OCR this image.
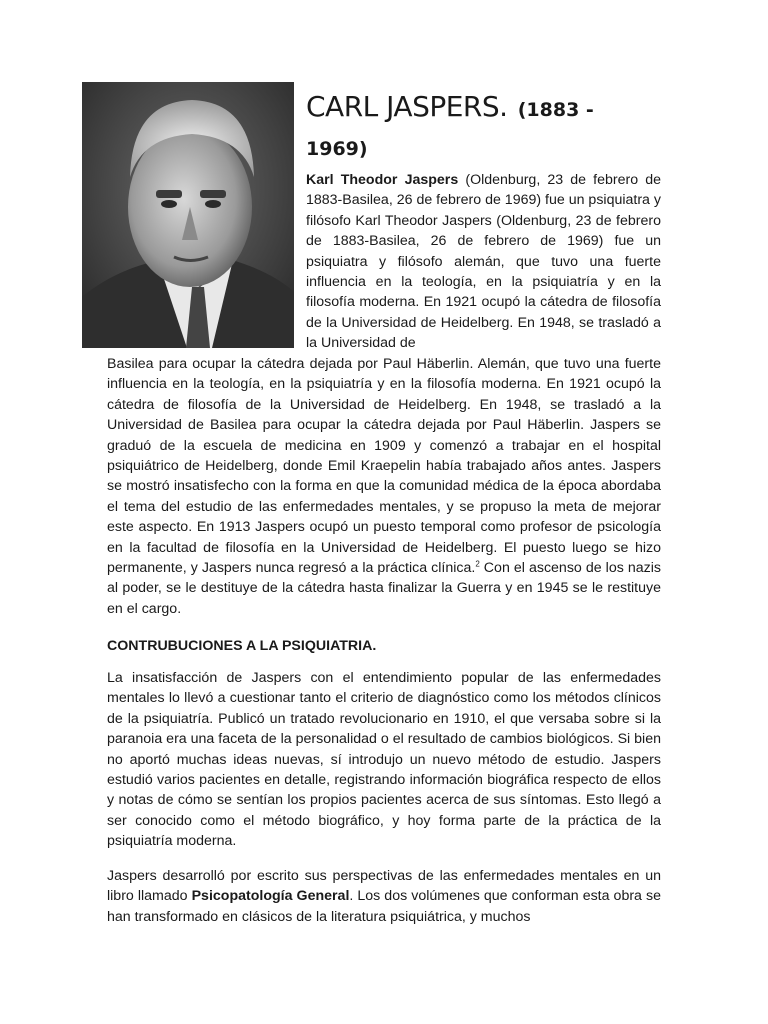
CARL JASPERS. (1883 - 1969)

Karl Theodor Jaspers (Oldenburg, 23 de febrero de 1883-Basilea, 26 de febrero de 1969) fue un psiquiatra y filósofo Karl Theodor Jaspers (Oldenburg, 23 de febrero de 1883-Basilea, 26 de febrero de 1969) fue un psiquiatra y filósofo alemán, que tuvo una fuerte influencia en la teología, en la psiquiatría y en la filosofía moderna. En 1921 ocupó la cátedra de filosofía de la Universidad de Heidelberg. En 1948, se trasladó a la Universidad de

Basilea para ocupar la cátedra dejada por Paul Häberlin. Alemán, que tuvo una fuerte influencia en la teología, en la psiquiatría y en la filosofía moderna. En 1921 ocupó la cátedra de filosofía de la Universidad de Heidelberg. En 1948, se trasladó a la Universidad de Basilea para ocupar la cátedra dejada por Paul Häberlin. Jaspers se graduó de la escuela de medicina en 1909 y comenzó a trabajar en el hospital psiquiátrico de Heidelberg, donde Emil Kraepelin había trabajado años antes. Jaspers se mostró insatisfecho con la forma en que la comunidad médica de la época abordaba el tema del estudio de las enfermedades mentales, y se propuso la meta de mejorar este aspecto. En 1913 Jaspers ocupó un puesto temporal como profesor de psicología en la facultad de filosofía en la Universidad de Heidelberg. El puesto luego se hizo permanente, y Jaspers nunca regresó a la práctica clínica.$^2$ Con el ascenso de los nazis al poder, se le destituye de la cátedra hasta finalizar la Guerra y en 1945 se le restituye en el cargo.

CONTRUBUCIONES A LA PSIQUIATRIA.

La insatisfacción de Jaspers con el entendimiento popular de las enfermedades mentales lo llevó a cuestionar tanto el criterio de diagnóstico como los métodos clínicos de la psiquiatría. Publicó un tratado revolucionario en 1910, el que versaba sobre si la paranoia era una faceta de la personalidad o el resultado de cambios biológicos. Si bien no aportó muchas ideas nuevas, sí introdujo un nuevo método de estudio. Jaspers estudió varios pacientes en detalle, registrando información biográfica respecto de ellos y notas de cómo se sentían los propios pacientes acerca de sus síntomas. Esto llegó a ser conocido como el método biográfico, y hoy forma parte de la práctica de la psiquiatría moderna.

Jaspers desarrolló por escrito sus perspectivas de las enfermedades mentales en un libro llamado Psicopatología General. Los dos volúmenes que conforman esta obra se han transformado en clásicos de la literatura psiquiátrica, y muchos
